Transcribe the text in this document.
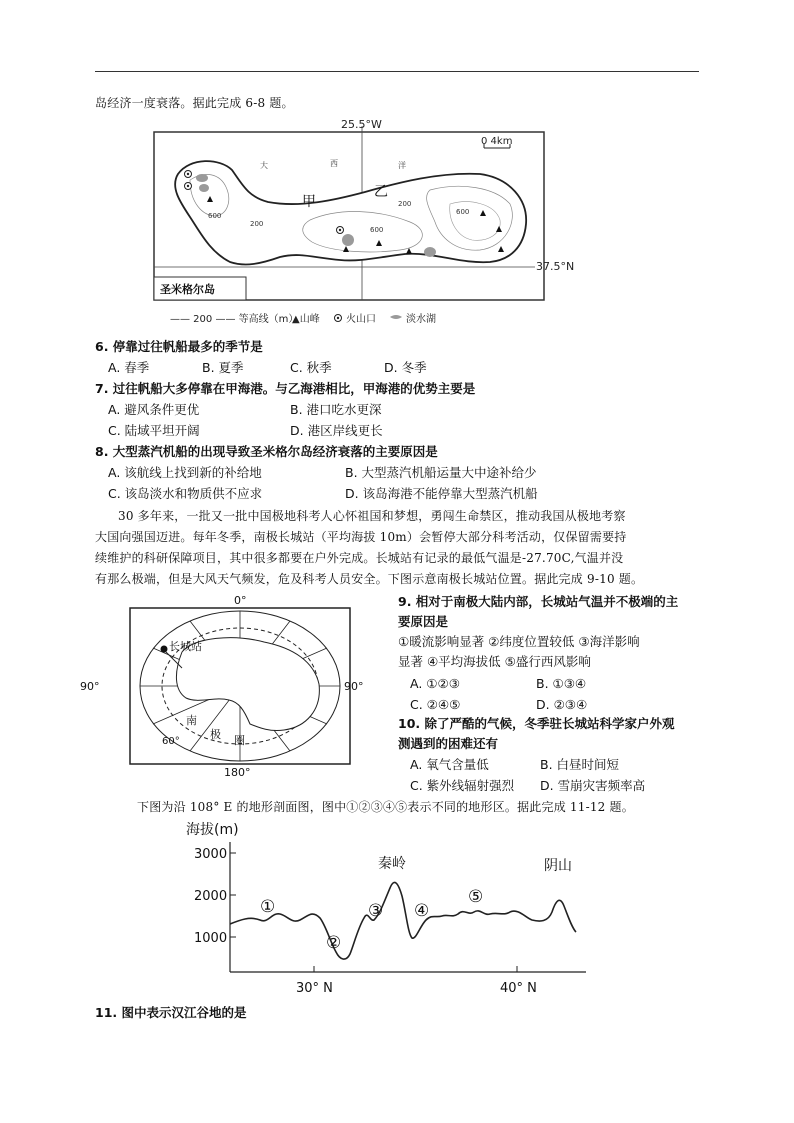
岛经济一度衰落。据此完成 6-8 题。
25.5°W
37.5°N
0 4km
大	西	洋
甲
乙
600
200
600
200
600
圣米格尔岛
—— 200 —— 等高线（m）
▲山峰	火山口	淡水湖
6. 停靠过往帆船最多的季节是
A. 春季	B. 夏季	C. 秋季	D. 冬季
7. 过往帆船大多停靠在甲海港。与乙海港相比，甲海港的优势主要是
A. 避风条件更优	B. 港口吃水更深
C. 陆域平坦开阔	D. 港区岸线更长
8. 大型蒸汽机船的出现导致圣米格尔岛经济衰落的主要原因是
A. 该航线上找到新的补给地	B. 大型蒸汽机船运量大中途补给少
C. 该岛淡水和物质供不应求	D. 该岛海港不能停靠大型蒸汽机船
30 多年来，一批又一批中国极地科考人心怀祖国和梦想，勇闯生命禁区，推动我国从极地考察
大国向强国迈进。每年冬季，南极长城站（平均海拔 10m）会暂停大部分科考活动，仅保留需要持
续维护的科研保障项目，其中很多都要在户外完成。长城站有记录的最低气温是-27.70C,气温并没
有那么极端，但是大风天气频发，危及科考人员安全。下图示意南极长城站位置。据此完成 9-10 题。
长城站
0°
180°
90°	90°
60°
南
极 圈
9. 相对于南极大陆内部，长城站气温并不极端的主
要原因是
①暖流影响显著 ②纬度位置较低 ③海洋影响
显著 ④平均海拔低 ⑤盛行西风影响
A. ①②③	B. ①③④
C. ②④⑤	D. ②③④
10. 除了严酷的气候，冬季驻长城站科学家户外观
测遇到的困难还有
A. 氧气含量低	B. 白昼时间短
C. 紫外线辐射强烈 D. 雪崩灾害频率高
下图为沿 108° E 的地形剖面图，图中①②③④⑤表示不同的地形区。据此完成 11-12 题。
海拔(m)
3000
2000
1000
30° N	40° N
秦岭	阴山
①
②
③ ④
⑤
11. 图中表示汉江谷地的是
